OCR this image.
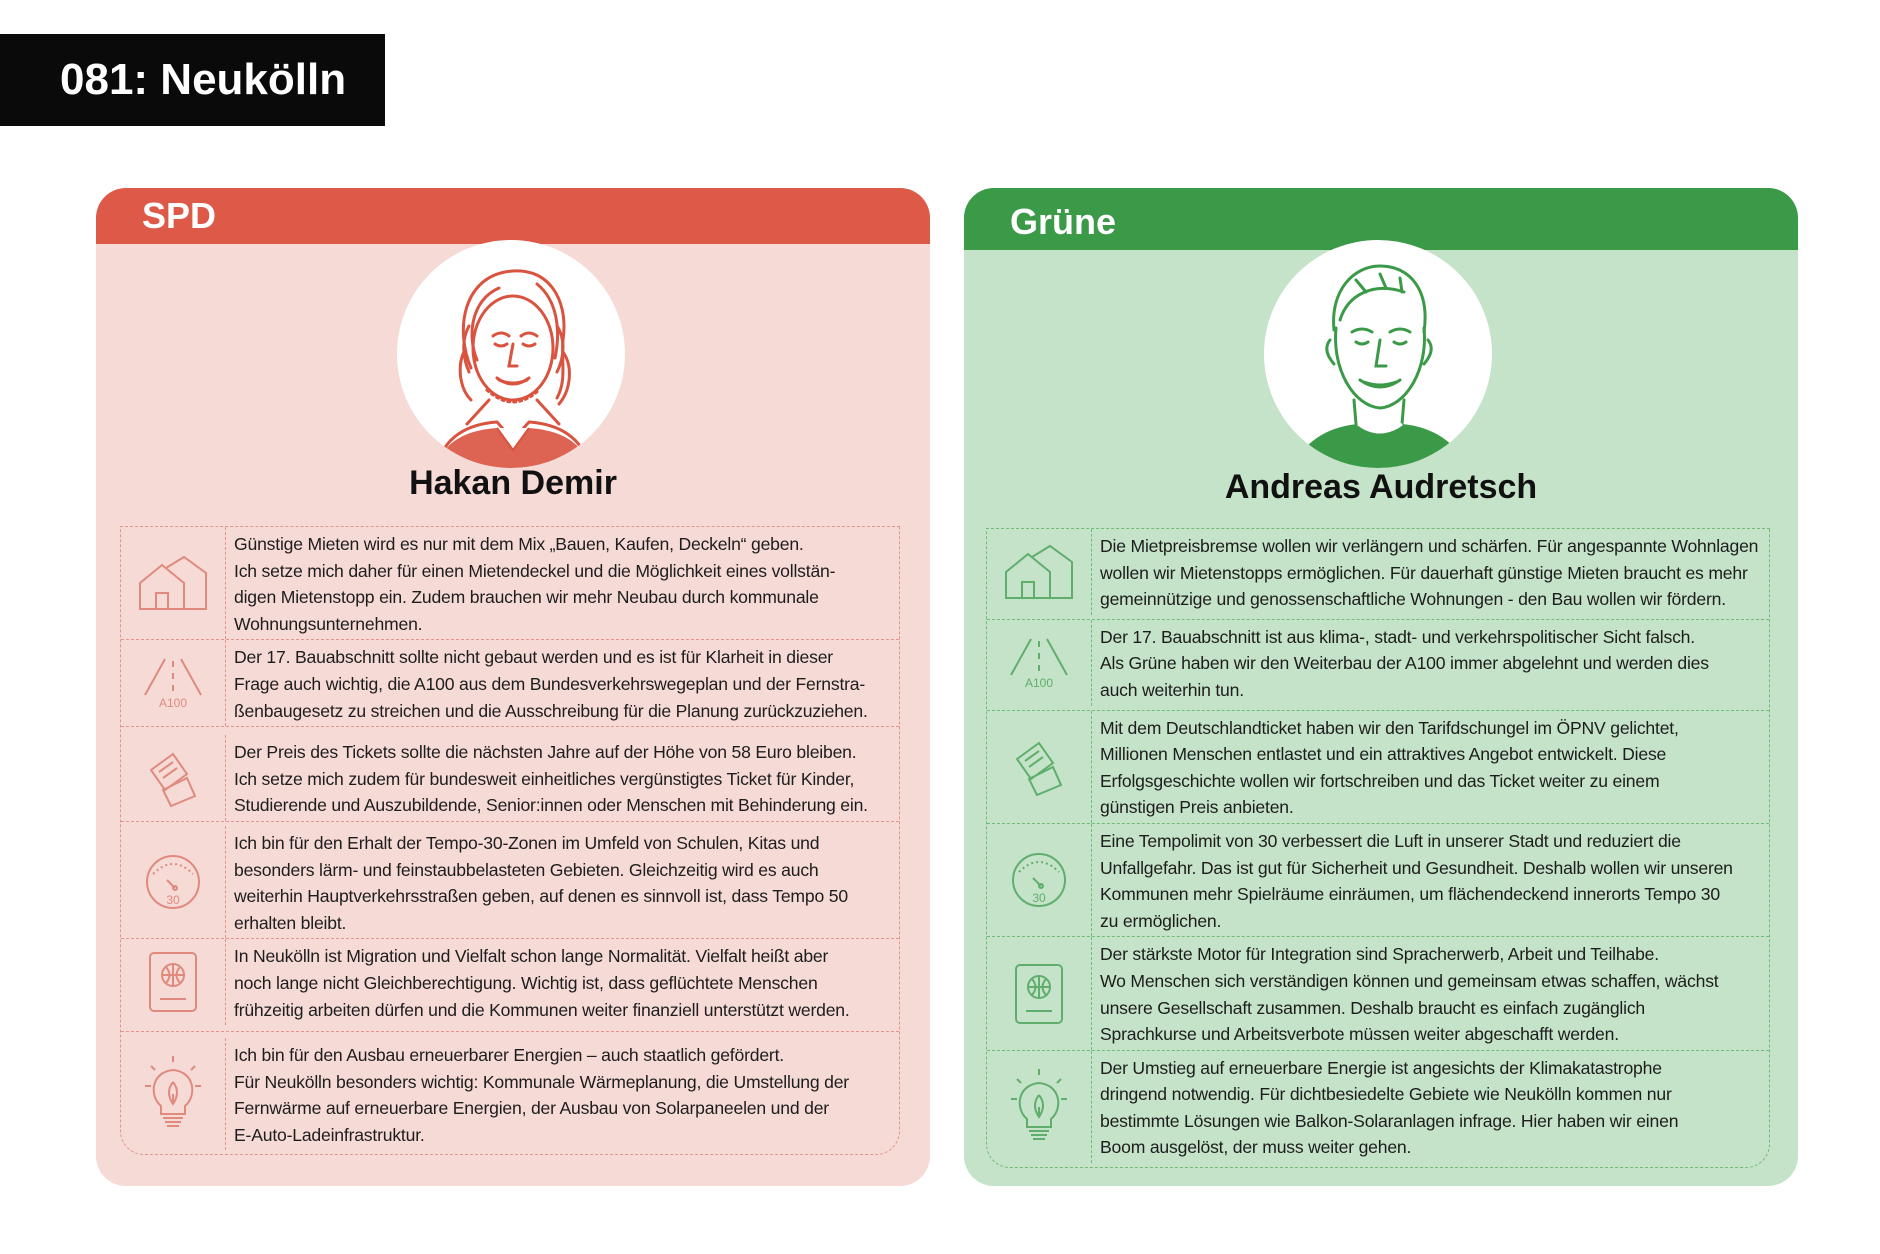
081: Neukölln
SPD
Hakan Demir
Günstige Mieten wird es nur mit dem Mix „Bauen, Kaufen, Deckeln“ geben.
Ich setze mich daher für einen Mietendeckel und die Möglichkeit eines vollstän-
digen Mietenstopp ein. Zudem brauchen wir mehr Neubau durch kommunale
Wohnungsunternehmen.
A100
Der 17. Bauabschnitt sollte nicht gebaut werden und es ist für Klarheit in dieser
Frage auch wichtig, die A100 aus dem Bundesverkehrswegeplan und der Fernstra-
ßenbaugesetz zu streichen und die Ausschreibung für die Planung zurückzuziehen.
Der Preis des Tickets sollte die nächsten Jahre auf der Höhe von 58 Euro bleiben.
Ich setze mich zudem für bundesweit einheitliches vergünstigtes Ticket für Kinder,
Studierende und Auszubildende, Senior:innen oder Menschen mit Behinderung ein.
30
Ich bin für den Erhalt der Tempo-30-Zonen im Umfeld von Schulen, Kitas und
besonders lärm- und feinstaubbelasteten Gebieten. Gleichzeitig wird es auch
weiterhin Hauptverkehrsstraßen geben, auf denen es sinnvoll ist, dass Tempo 50
erhalten bleibt.
In Neukölln ist Migration und Vielfalt schon lange Normalität. Vielfalt heißt aber
noch lange nicht Gleichberechtigung. Wichtig ist, dass geflüchtete Menschen
frühzeitig arbeiten dürfen und die Kommunen weiter finanziell unterstützt werden.
Ich bin für den Ausbau erneuerbarer Energien – auch staatlich gefördert.
Für Neukölln besonders wichtig: Kommunale Wärmeplanung, die Umstellung der
Fernwärme auf erneuerbare Energien, der Ausbau von Solarpaneelen und der
E-Auto-Ladeinfrastruktur.
Grüne
Andreas Audretsch
Die Mietpreisbremse wollen wir verlängern und schärfen. Für angespannte Wohnlagen
wollen wir Mietenstopps ermöglichen. Für dauerhaft günstige Mieten braucht es mehr
gemeinnützige und genossenschaftliche Wohnungen - den Bau wollen wir fördern.
A100
Der 17. Bauabschnitt ist aus klima-, stadt- und verkehrspolitischer Sicht falsch.
Als Grüne haben wir den Weiterbau der A100 immer abgelehnt und werden dies
auch weiterhin tun.
Mit dem Deutschlandticket haben wir den Tarifdschungel im ÖPNV gelichtet,
Millionen Menschen entlastet und ein attraktives Angebot entwickelt. Diese
Erfolgsgeschichte wollen wir fortschreiben und das Ticket weiter zu einem
günstigen Preis anbieten.
30
Eine Tempolimit von 30 verbessert die Luft in unserer Stadt und reduziert die
Unfallgefahr. Das ist gut für Sicherheit und Gesundheit. Deshalb wollen wir unseren
Kommunen mehr Spielräume einräumen, um flächendeckend innerorts Tempo 30
zu ermöglichen.
Der stärkste Motor für Integration sind Spracherwerb, Arbeit und Teilhabe.
Wo Menschen sich verständigen können und gemeinsam etwas schaffen, wächst
unsere Gesellschaft zusammen. Deshalb braucht es einfach zugänglich
Sprachkurse und Arbeitsverbote müssen weiter abgeschafft werden.
Der Umstieg auf erneuerbare Energie ist angesichts der Klimakatastrophe
dringend notwendig. Für dichtbesiedelte Gebiete wie Neukölln kommen nur
bestimmte Lösungen wie Balkon-Solaranlagen infrage. Hier haben wir einen
Boom ausgelöst, der muss weiter gehen.
